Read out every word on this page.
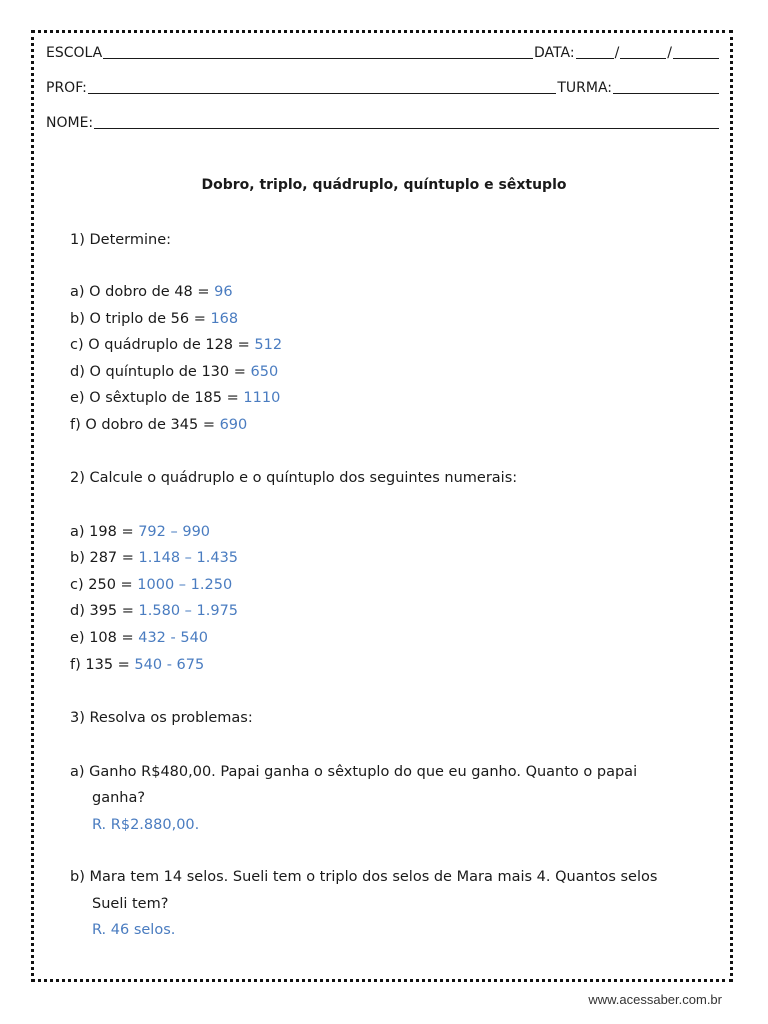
ESCOLA	DATA:	/	/
PROF:	TURMA:
NOME:
Dobro, triplo, quádruplo, quíntuplo e sêxtuplo
1) Determine:
a) O dobro de 48 = 96
b) O triplo de 56 = 168
c) O quádruplo de 128 = 512
d) O quíntuplo de 130 = 650
e) O sêxtuplo de 185 = 1110
f) O dobro de 345 = 690
2) Calcule o quádruplo e o quíntuplo dos seguintes numerais:
a) 198 = 792 – 990
b) 287 = 1.148 – 1.435
c) 250 = 1000 – 1.250
d) 395 = 1.580 – 1.975
e) 108 = 432 - 540
f) 135 = 540 - 675
3) Resolva os problemas:
a) Ganho R$480,00. Papai ganha o sêxtuplo do que eu ganho. Quanto o papai
ganha?
R. R$2.880,00.
b) Mara tem 14 selos. Sueli tem o triplo dos selos de Mara mais 4. Quantos selos
Sueli tem?
R. 46 selos.
www.acessaber.com.br
